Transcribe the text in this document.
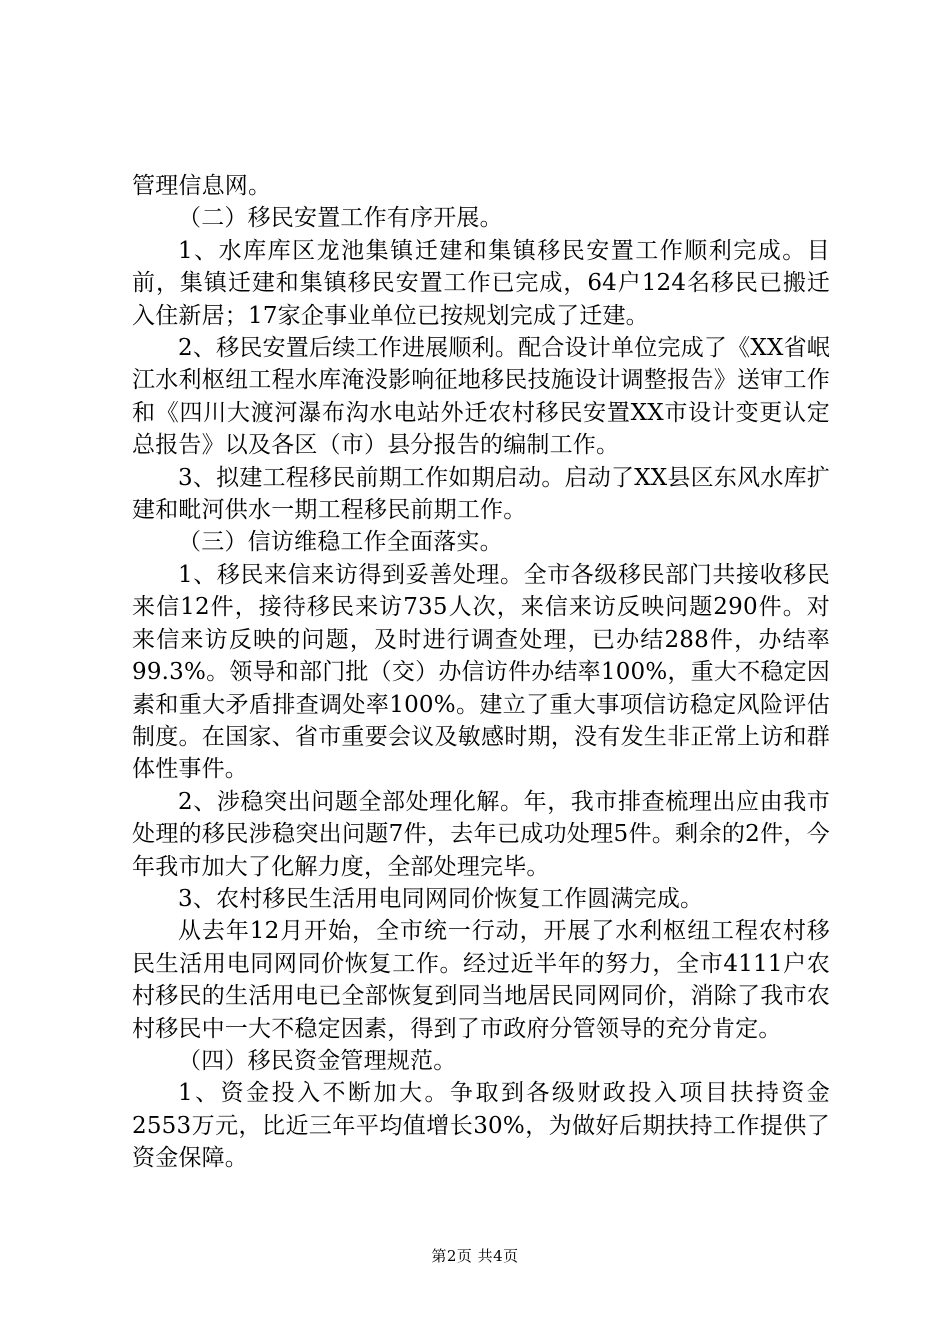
管理信息网。

（二）移民安置工作有序开展。

1、水库库区龙池集镇迁建和集镇移民安置工作顺利完成。目前，集镇迁建和集镇移民安置工作已完成，64户124名移民已搬迁入住新居；17家企事业单位已按规划完成了迁建。

2、移民安置后续工作进展顺利。配合设计单位完成了《XX省岷江水利枢纽工程水库淹没影响征地移民技施设计调整报告》送审工作和《四川大渡河瀑布沟水电站外迁农村移民安置XX市设计变更认定总报告》以及各区（市）县分报告的编制工作。

3、拟建工程移民前期工作如期启动。启动了XX县区东风水库扩建和毗河供水一期工程移民前期工作。

（三）信访维稳工作全面落实。

1、移民来信来访得到妥善处理。全市各级移民部门共接收移民来信12件，接待移民来访735人次，来信来访反映问题290件。对来信来访反映的问题，及时进行调查处理，已办结288件，办结率99.3%。领导和部门批（交）办信访件办结率100%，重大不稳定因素和重大矛盾排查调处率100%。建立了重大事项信访稳定风险评估制度。在国家、省市重要会议及敏感时期，没有发生非正常上访和群体性事件。

2、涉稳突出问题全部处理化解。年，我市排查梳理出应由我市处理的移民涉稳突出问题7件，去年已成功处理5件。剩余的2件，今年我市加大了化解力度，全部处理完毕。

3、农村移民生活用电同网同价恢复工作圆满完成。

从去年12月开始，全市统一行动，开展了水利枢纽工程农村移民生活用电同网同价恢复工作。经过近半年的努力，全市4111户农村移民的生活用电已全部恢复到同当地居民同网同价，消除了我市农村移民中一大不稳定因素，得到了市政府分管领导的充分肯定。

（四）移民资金管理规范。

1、资金投入不断加大。争取到各级财政投入项目扶持资金2553万元，比近三年平均值增长30%，为做好后期扶持工作提供了资金保障。

第2页 共4页
